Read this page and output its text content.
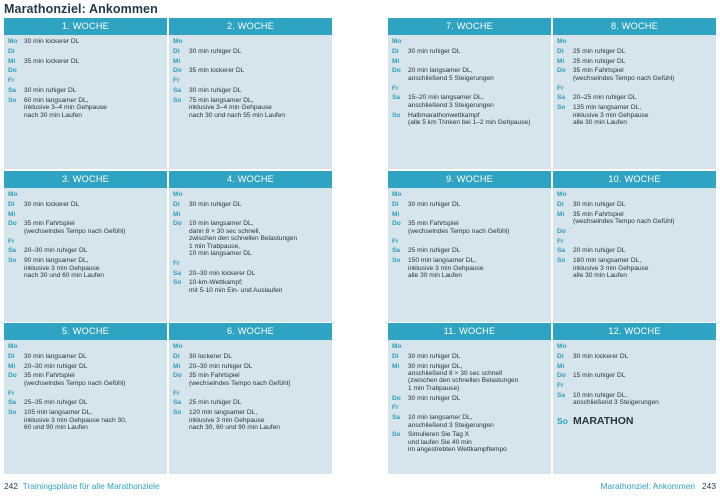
Marathonziel: Ankommen
1. WOCHE
Mo 30 min lockerer DL
Di
Mi	35 min lockerer DL
Do
Fr
Sa	30 min ruhiger DL
So	60 min langsamer DL,
inklusive 3–4 min Gehpause
nach 30 min Laufen
2. WOCHE
Mo
Di	30 min ruhiger DL
Mi
Do	35 min lockerer DL
Fr
Sa	30 min ruhiger DL
So	75 min langsamer DL,
inklusive 3–4 min Gehpause
nach 30 und nach 55 min Laufen
3. WOCHE
Mo
Di	30 min lockerer DL
Mi
Do	35 min Fahrtspiel
(wechselndes Tempo nach Gefühl)
Fr
Sa	20–30 min ruhiger DL
So	90 min langsamer DL,
inklusive 3 min Gehpause
nach 30 und 60 min Laufen
4. WOCHE
Mo
Di	30 min ruhiger DL
Mi
Do	10 min langsamer DL,
dann 8 × 30 sec schnell,
zwischen den schnellen Belastungen
1 min Trabpause,
10 min langsamer DL
Fr
Sa	20–30 min lockerer DL
So	10-km-Wettkampf;
mit 5-10 min Ein- und Auslaufen
5. WOCHE
Mo
Di	30 min langsamer DL
Mi	20–30 min ruhiger DL
Do	35 min Fahrtspiel
(wechselndes Tempo nach Gefühl)
Fr
Sa	25–35 min ruhiger DL
So	105 min langsamer DL,
inklusive 3 min Gehpause nach 30,
60 und 90 min Laufen
6. WOCHE
Mo
Di	30 lockerer DL
Mi	20–30 min ruhiger DL
Do	35 min Fahrtspiel
(wechselndes Tempo nach Gefühl)
Fr
Sa	25 min ruhiger DL
So	120 min langsamer DL,
inklusive 3 min Gehpause
nach 30, 60 und 90 min Laufen
7. WOCHE
Mo
Di	30 min ruhiger DL
Mi
Do	20 min langsamer DL,
anschließend 5 Steigerungen
Fr
Sa	15–20 min langsamer DL,
anschließend 3 Steigerungen
So	Halbmarathonwettkampf
(alle 5 km Trinken bei 1–2 min Gehpause)
8. WOCHE
Mo
Di	25 min ruhiger DL
Mi	25 min ruhiger DL
Do	35 min Fahrtspiel
(wechselndes Tempo nach Gefühl)
Fr
Sa	20–25 min ruhiger DL
So	135 min langsamer DL,
inklusive 3 min Gehpause
alle 30 min Laufen
9. WOCHE
Mo
Di	30 min ruhiger DL
Mi
Do	35 min Fahrtspiel
(wechselndes Tempo nach Gefühl)
Fr
Sa	25 min ruhiger DL
So	150 min langsamer DL,
inklusive 3 min Gehpause
alle 30 min Laufen
10. WOCHE
Mo
Di	30 min ruhiger DL
Mi	35 min Fahrtspiel
(wechselndes Tempo nach Gefühl)
Do
Fr
Sa	20 min ruhiger DL
So	180 min langsamer DL,
inklusive 3 min Gehpause
alle 30 min Laufen
11. WOCHE
Mo
Di	30 min ruhiger DL
Mi	30 min ruhiger DL,
anschließend 8 × 30 sec schnell
(zwischen den schnellen Belastungen
1 min Trabpause)
Do	30 min ruhiger DL
Fr
Sa	10 min langsamer DL,
anschließend 3 Steigerungen
So	Simulieren Sie Tag X
und laufen Sie 40 min
im angestrebten Wettkampftempo
12. WOCHE
Mo
Di	30 min lockerer DL
Mi
Do	15 min ruhiger DL
Fr
Sa	10 min ruhiger DL,
anschließend 3 Steigerungen
So MARATHON
242 Trainingspläne für alle Marathonziele	Marathonziel: Ankommen 243
